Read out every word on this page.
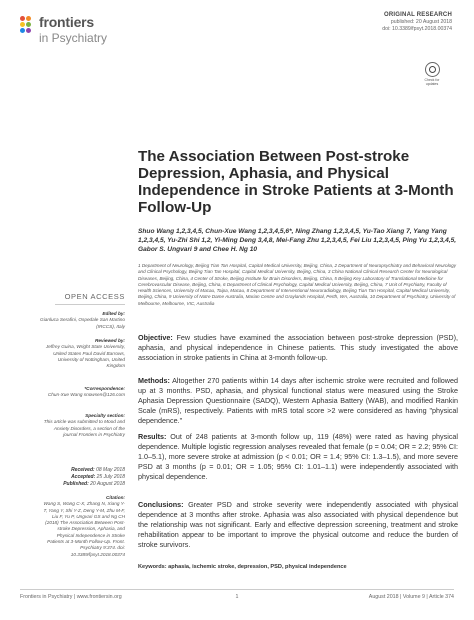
frontiers
in Psychiatry
ORIGINAL RESEARCH
published: 20 August 2018
doi: 10.3389/fpsyt.2018.00374
Check for updates
The Association Between Post-stroke Depression, Aphasia, and Physical Independence in Stroke Patients at 3-Month Follow-Up
Shuo Wang 1,2,3,4,5, Chun-Xue Wang 1,2,3,4,5,6*, Ning Zhang 1,2,3,4,5, Yu-Tao Xiang 7, Yang Yang 1,2,3,4,5, Yu-Zhi Shi 1,2, Yi-Ming Deng 3,4,8, Mei-Fang Zhu 1,2,3,4,5, Fei Liu 1,2,3,4,5, Ping Yu 1,2,3,4,5, Gabor S. Ungvari 9 and Chee H. Ng 10
1 Department of Neurology, Beijing Tian Tan Hospital, Capital Medical University, Beijing, China, 2 Department of Neuropsychiatry and Behavioral Neurology and Clinical Psychology, Beijing Tian Tan Hospital, Capital Medical University, Beijing, China, 3 China National Clinical Research Center for Neurological Diseases, Beijing, China, 4 Center of Stroke, Beijing Institute for Brain Disorders, Beijing, China, 5 Beijing Key Laboratory of Translational Medicine for Cerebrovascular Disease, Beijing, China, 6 Department of Clinical Psychology, Capital Medical University, Beijing, China, 7 Unit of Psychiatry, Faculty of Health Sciences, University of Macau, Taipa, Macau, 8 Department of Interventional Neuroradiology, Beijing Tian Tan Hospital, Capital Medical University, Beijing, China, 9 University of Notre Dame Australia, Marian Centre and Graylands Hospital, Perth, WA, Australia, 10 Department of Psychiatry, University of Melbourne, Melbourne, VIC, Australia
OPEN ACCESS
Edited by:
Gianluca Serafini, Ospedale San Martino (IRCCS), Italy
Reviewed by:
Jeffrey Guina, Wright State University, United States Paul David Barrows, University of Nottingham, United Kingdom
*Correspondence:
Chun-Xue Wang snowsen@126.com
Specialty section:
This article was submitted to Mood and Anxiety Disorders, a section of the journal Frontiers in Psychiatry
Received: 08 May 2018
Accepted: 25 July 2018
Published: 20 August 2018
Citation:
Wang S, Wang C-X, Zhang N, Xiang Y-T, Yang Y, Shi Y-Z, Deng Y-M, Zhu M-F, Liu F, Yu P, Ungvari GS and Ng CH (2018) The Association Between Post-stroke Depression, Aphasia, and Physical Independence in Stroke Patients at 3-Month Follow-Up. Front. Psychiatry 9:374. doi: 10.3389/fpsyt.2018.00374
Objective: Few studies have examined the association between post-stroke depression (PSD), aphasia, and physical independence in Chinese patients. This study investigated the above association in stroke patients in China at 3-month follow-up.
Methods: Altogether 270 patients within 14 days after ischemic stroke were recruited and followed up at 3 months. PSD, aphasia, and physical functional status were measured using the Stroke Aphasia Depression Questionnaire (SADQ), Western Aphasia Battery (WAB), and modified Rankin Scale (mRS), respectively. Patients with mRS total score >2 were considered as having "physical dependence."
Results: Out of 248 patients at 3-month follow up, 119 (48%) were rated as having physical dependence. Multiple logistic regression analyses revealed that female (p = 0.04; OR = 2.2; 95% CI: 1.0–5.1), more severe stroke at admission (p < 0.01; OR = 1.4; 95% CI: 1.3–1.5), and more severe PSD at 3 months (p = 0.01; OR = 1.05; 95% CI: 1.01–1.1) were independently associated with physical dependence.
Conclusions: Greater PSD and stroke severity were independently associated with physical dependence at 3 months after stroke. Aphasia was also associated with physical dependence but the relationship was not significant. Early and effective depression screening, treatment and stroke rehabilitation appear to be important to improve the physical outcome and reduce the burden of stroke survivors.
Keywords: aphasia, ischemic stroke, depression, PSD, physical independence
Frontiers in Psychiatry | www.frontiersin.org	1	August 2018 | Volume 9 | Article 374
